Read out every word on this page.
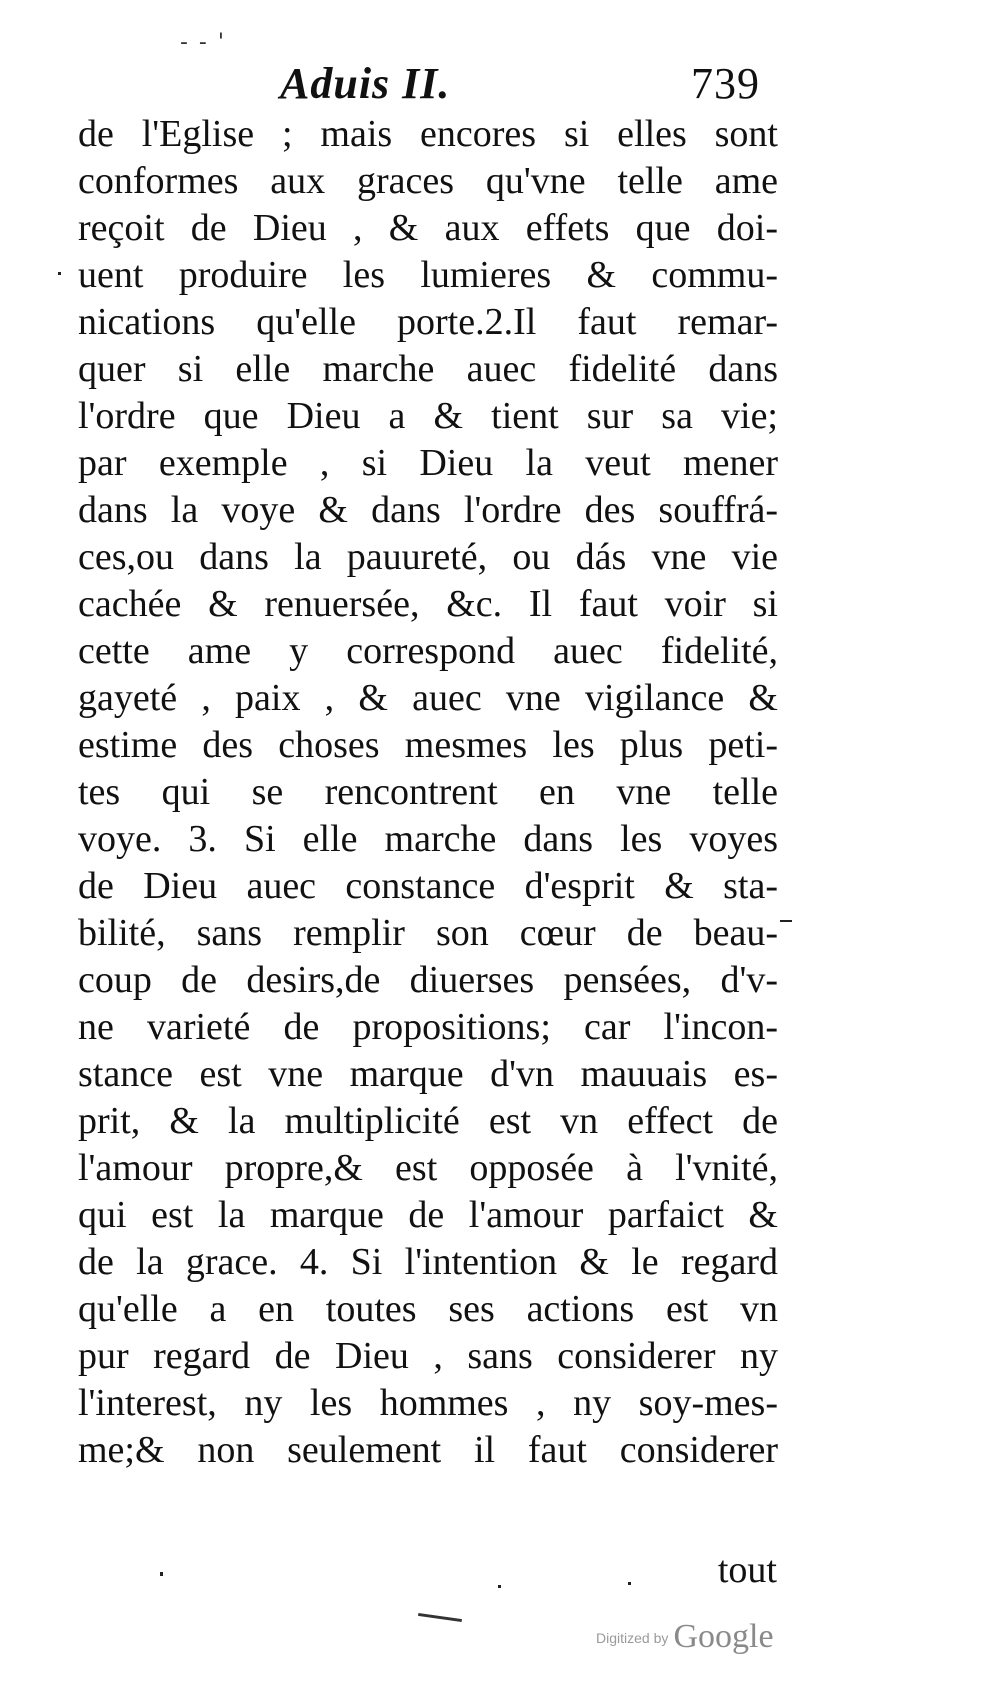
- - '
Aduis II.	739
de l'Eglise ; mais encores si elles sont
conformes aux graces qu'vne telle ame
reçoit de Dieu , & aux effets que doi-
uent produire les lumieres & commu-
nications qu'elle porte.2.Il faut remar-
quer si elle marche auec fidelité dans
l'ordre que Dieu a & tient sur sa vie;
par exemple , si Dieu la veut mener
dans la voye & dans l'ordre des souffrá-
ces,ou dans la pauureté, ou dás vne vie
cachée & renuersée, &c. Il faut voir si
cette ame y correspond auec fidelité,
gayeté , paix , & auec vne vigilance &
estime des choses mesmes les plus peti-
tes qui se rencontrent en vne telle
voye. 3. Si elle marche dans les voyes
de Dieu auec constance d'esprit & sta-
bilité, sans remplir son cœur de beau-
coup de desirs,de diuerses pensées, d'v-
ne varieté de propositions; car l'incon-
stance est vne marque d'vn mauuais es-
prit, & la multiplicité est vn effect de
l'amour propre,& est opposée à l'vnité,
qui est la marque de l'amour parfaict &
de la grace. 4. Si l'intention & le regard
qu'elle a en toutes ses actions est vn
pur regard de Dieu , sans considerer ny
l'interest, ny les hommes , ny soy-mes-
me;& non seulement il faut considerer
tout
Digitized by Google
